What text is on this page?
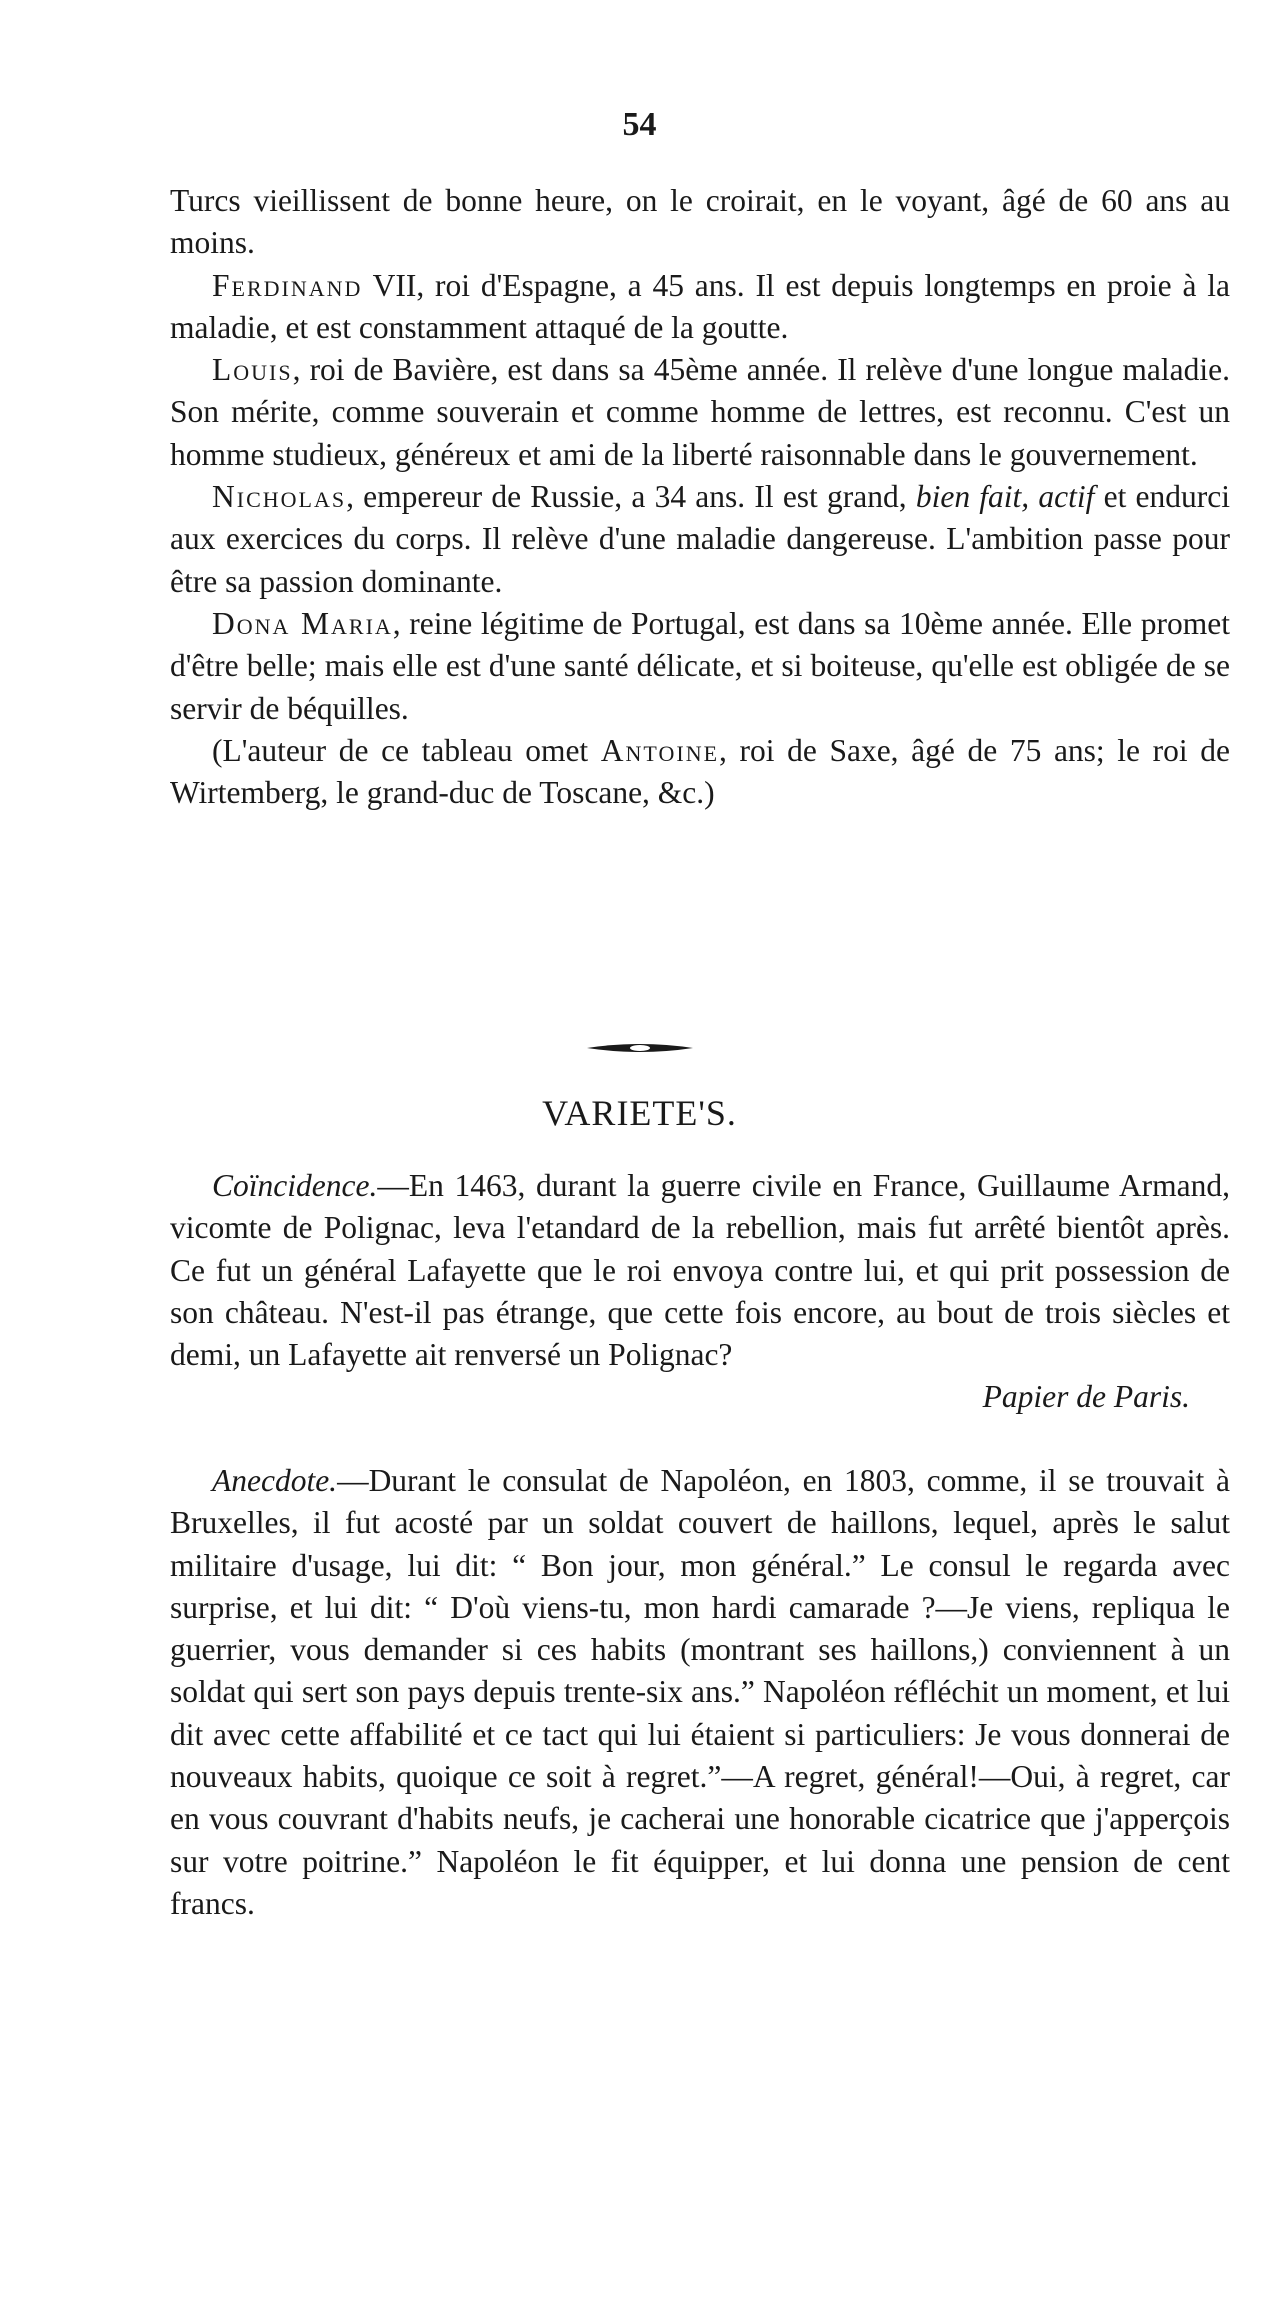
54

Turcs vieillissent de bonne heure, on le croirait, en le voyant, âgé de 60 ans au moins.

Ferdinand VII, roi d'Espagne, a 45 ans. Il est depuis longtemps en proie à la maladie, et est constamment attaqué de la goutte.

Louis, roi de Bavière, est dans sa 45ème année. Il relève d'une longue maladie. Son mérite, comme souverain et comme homme de lettres, est reconnu. C'est un homme studieux, généreux et ami de la liberté raisonnable dans le gouvernement.

Nicholas, empereur de Russie, a 34 ans. Il est grand, bien fait, actif et endurci aux exercices du corps. Il relève d'une maladie dangereuse. L'ambition passe pour être sa passion dominante.

Dona Maria, reine légitime de Portugal, est dans sa 10ème année. Elle promet d'être belle; mais elle est d'une santé délicate, et si boiteuse, qu'elle est obligée de se servir de béquilles.

(L'auteur de ce tableau omet Antoine, roi de Saxe, âgé de 75 ans; le roi de Wirtemberg, le grand-duc de Toscane, &c.)

VARIETE'S.

Coïncidence.—En 1463, durant la guerre civile en France, Guillaume Armand, vicomte de Polignac, leva l'etandard de la rebellion, mais fut arrêté bientôt après. Ce fut un général Lafayette que le roi envoya contre lui, et qui prit possession de son château. N'est-il pas étrange, que cette fois encore, au bout de trois siècles et demi, un Lafayette ait renversé un Polignac?

Papier de Paris.

Anecdote.—Durant le consulat de Napoléon, en 1803, comme, il se trouvait à Bruxelles, il fut acosté par un soldat couvert de haillons, lequel, après le salut militaire d'usage, lui dit: “ Bon jour, mon général.” Le consul le regarda avec surprise, et lui dit: “ D'où viens-tu, mon hardi camarade ?—Je viens, repliqua le guerrier, vous demander si ces habits (montrant ses haillons,) conviennent à un soldat qui sert son pays depuis trente-six ans.” Napoléon réfléchit un moment, et lui dit avec cette affabilité et ce tact qui lui étaient si particuliers: Je vous donnerai de nouveaux habits, quoique ce soit à regret.”—A regret, général!—Oui, à regret, car en vous couvrant d'habits neufs, je cacherai une honorable cicatrice que j'apperçois sur votre poitrine.” Napoléon le fit équipper, et lui donna une pension de cent francs.
